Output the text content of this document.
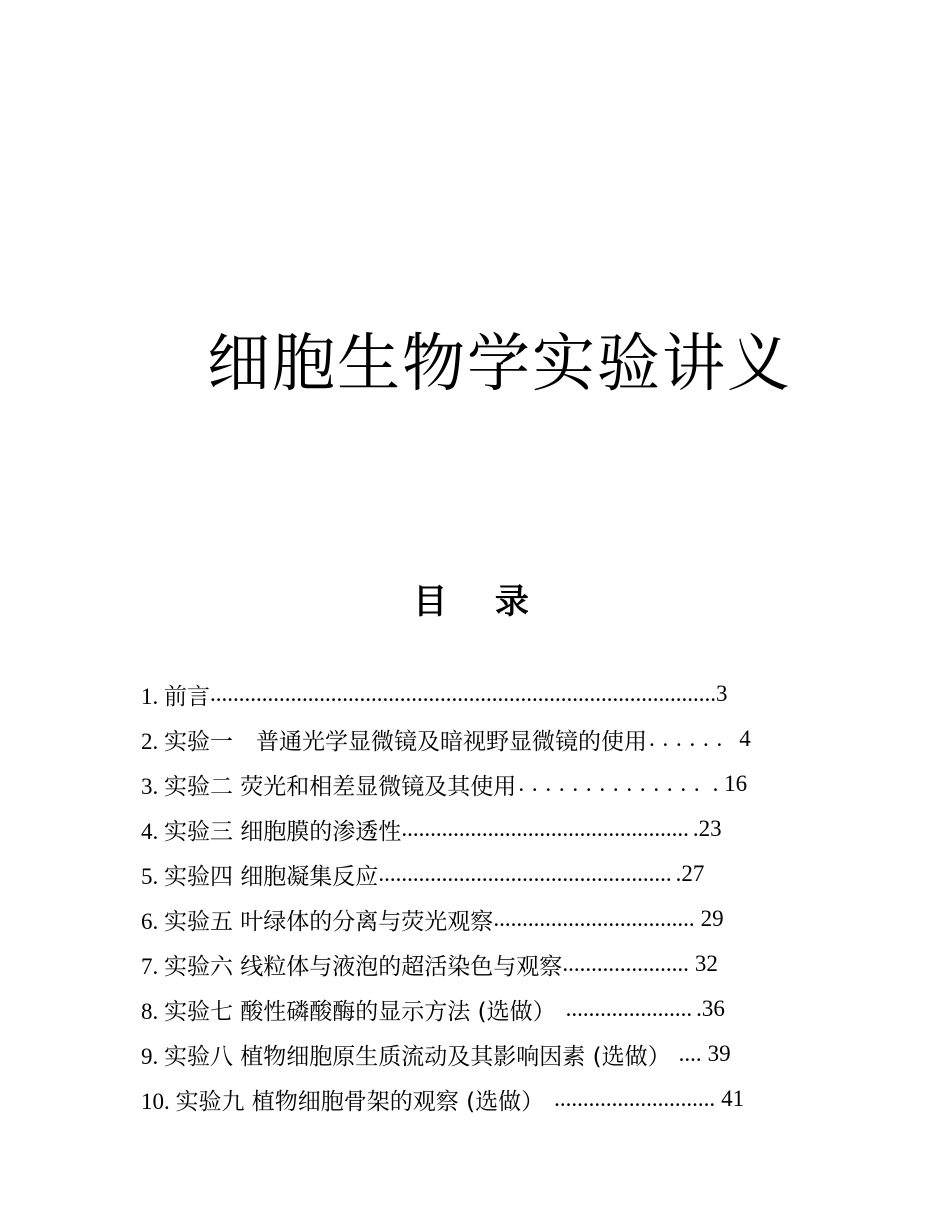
细胞生物学实验讲义
目 录
1. 前言 ........................................................................................ 3
2. 实验一　普通光学显微镜及暗视野显微镜的使用 . . . . . . 4
3. 实验二 荧光和相差显微镜及其使用 . . . . . . . . . . . . . . . 16
4. 实验三 细胞膜的渗透性 .................................................. .23
5. 实验四 细胞凝集反应 ................................................... .27
6. 实验五 叶绿体的分离与荧光观察 ................................... 29
7. 实验六 线粒体与液泡的超活染色与观察 ...................... 32
8. 实验七 酸性磷酸酶的显示方法 (选做） ...................... .36
9. 实验八 植物细胞原生质流动及其影响因素 (选做） .... 39
10. 实验九 植物细胞骨架的观察 (选做） ............................ 41
